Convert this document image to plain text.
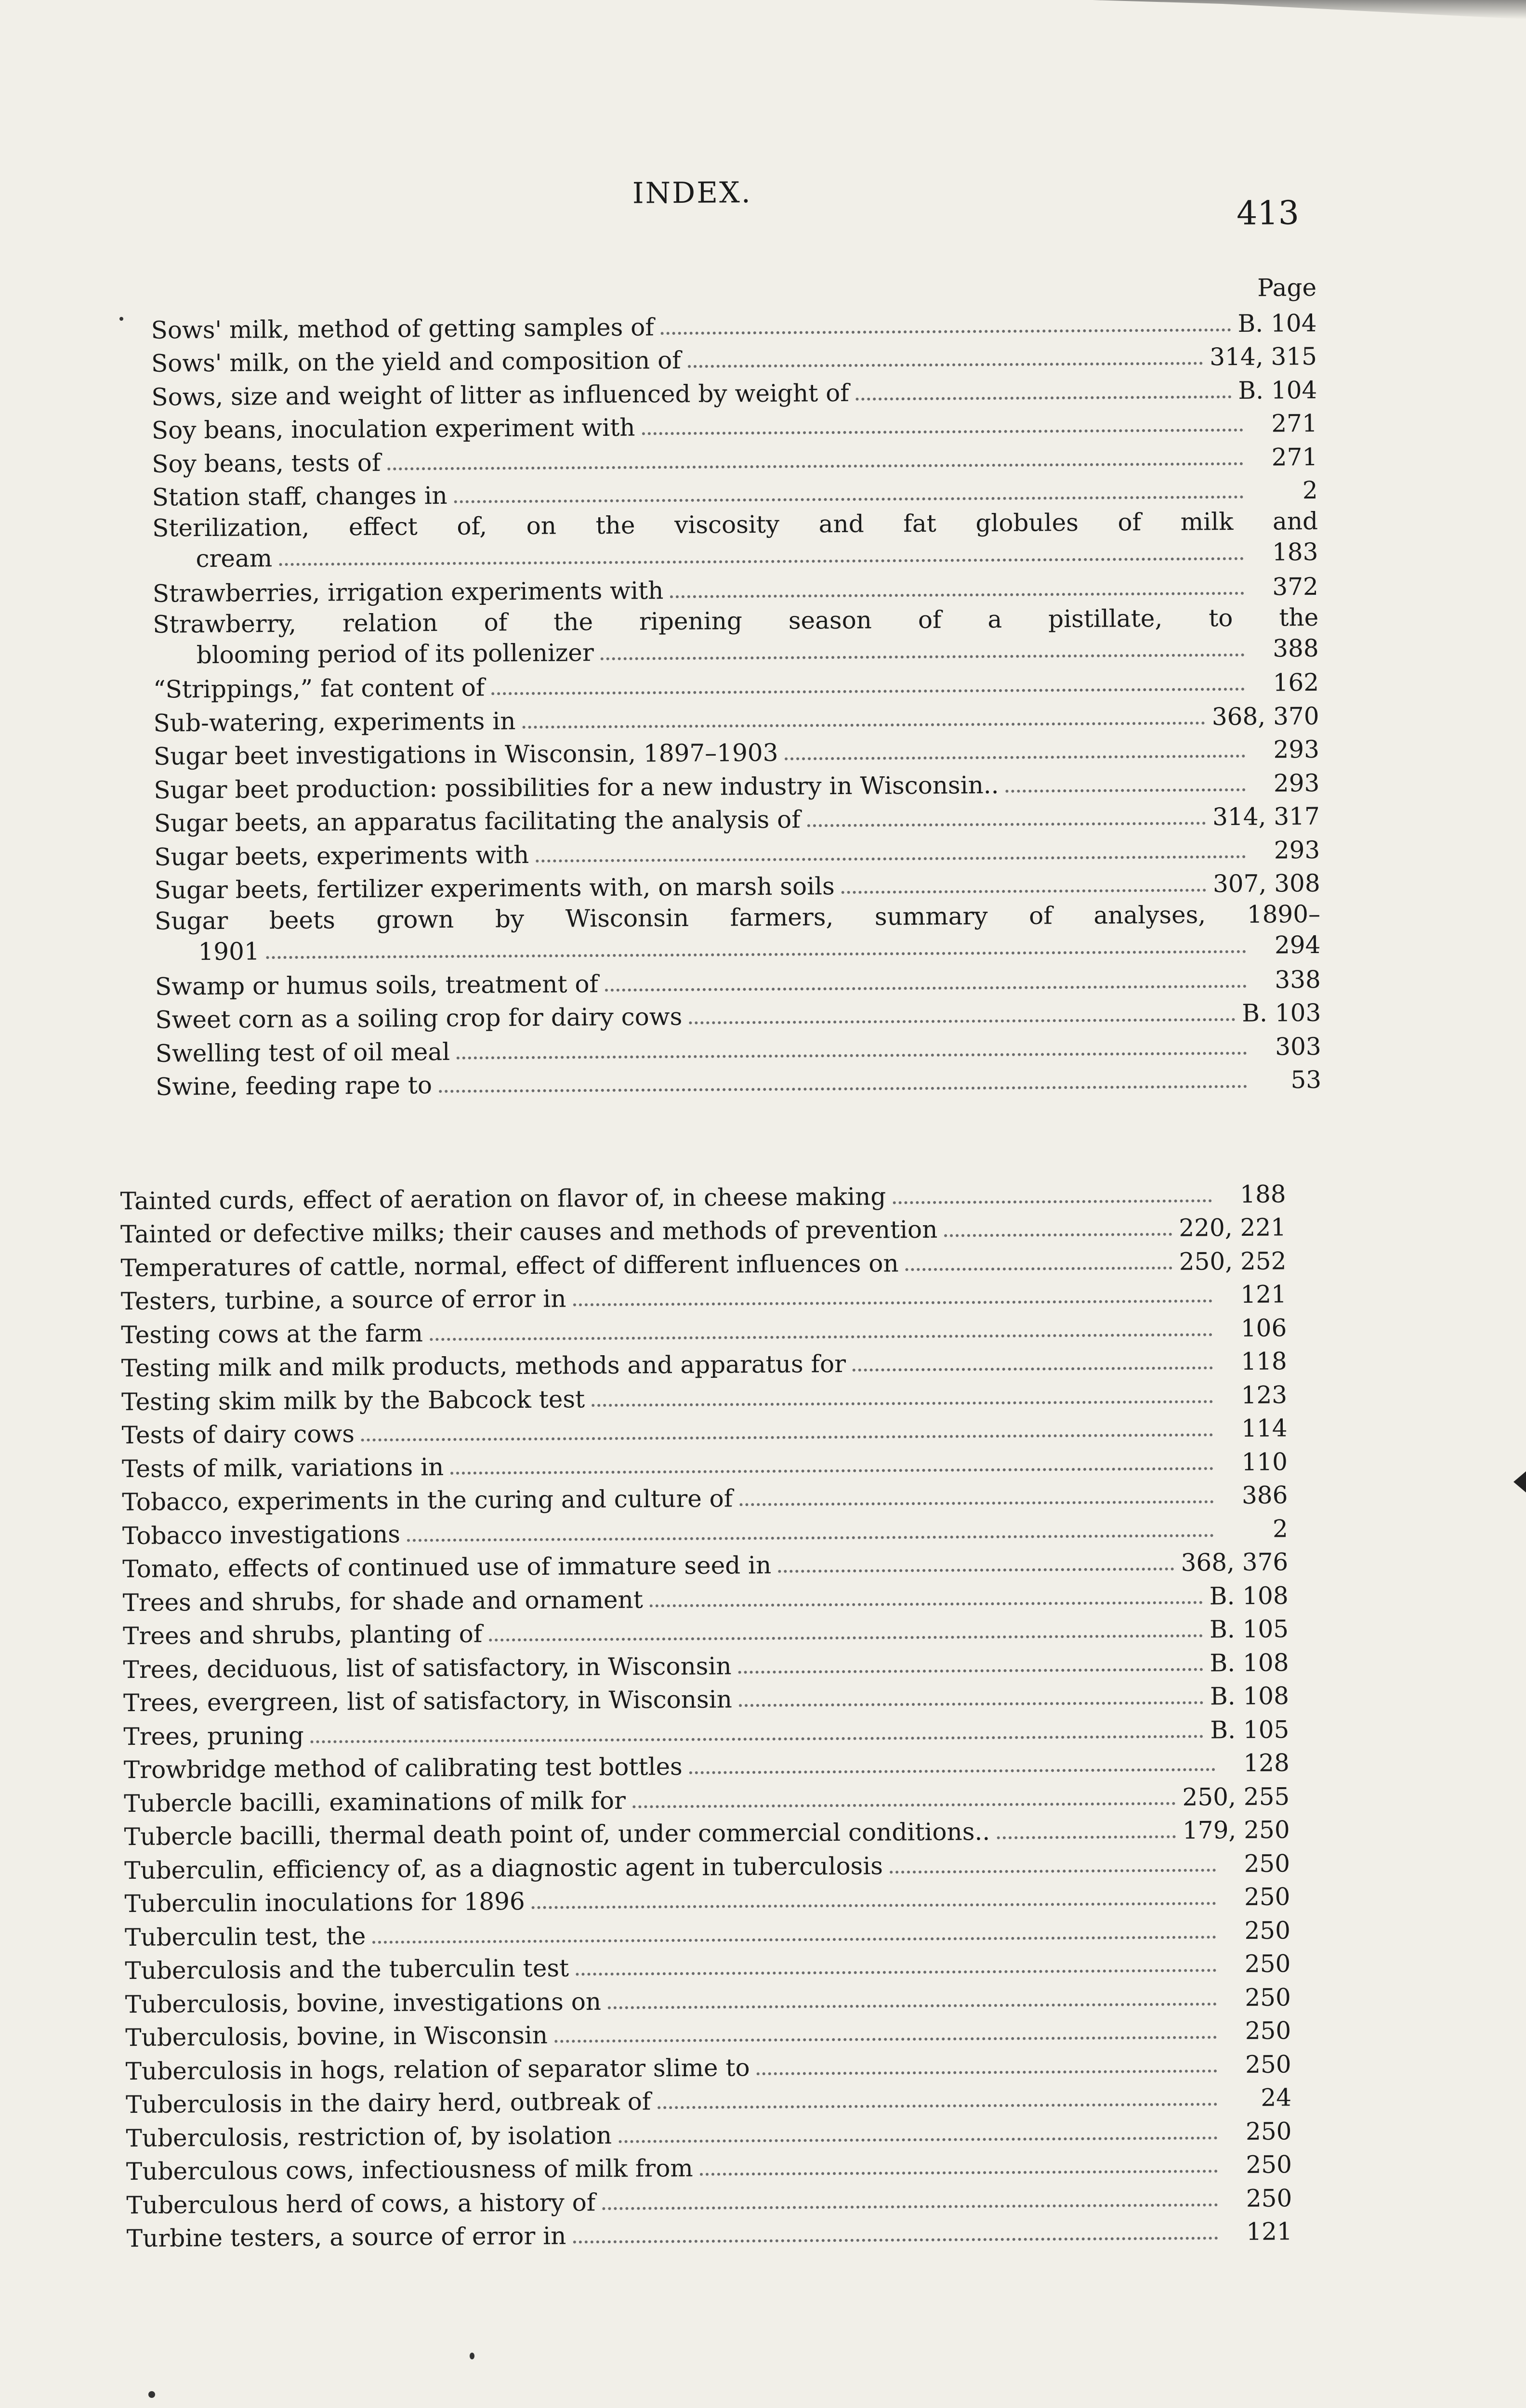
INDEX.
413
Page
Sows' milk, method of getting samples of	B. 104
Sows' milk, on the yield and composition of	314, 315
Sows, size and weight of litter as influenced by weight of	B. 104
Soy beans, inoculation experiment with	271
Soy beans, tests of	271
Station staff, changes in	2
Sterilization, effect of, on the viscosity and fat globules of milk and
cream	183
Strawberries, irrigation experiments with	372
Strawberry, relation of the ripening season of a pistillate, to the
blooming period of its pollenizer	388
“Strippings,” fat content of	162
Sub-watering, experiments in	368, 370
Sugar beet investigations in Wisconsin, 1897–1903	293
Sugar beet production: possibilities for a new industry in Wisconsin..	293
Sugar beets, an apparatus facilitating the analysis of	314, 317
Sugar beets, experiments with	293
Sugar beets, fertilizer experiments with, on marsh soils	307, 308
Sugar beets grown by Wisconsin farmers, summary of analyses, 1890–
1901	294
Swamp or humus soils, treatment of	338
Sweet corn as a soiling crop for dairy cows	B. 103
Swelling test of oil meal	303
Swine, feeding rape to	53
Tainted curds, effect of aeration on flavor of, in cheese making	188
Tainted or defective milks; their causes and methods of prevention	220, 221
Temperatures of cattle, normal, effect of different influences on	250, 252
Testers, turbine, a source of error in	121
Testing cows at the farm	106
Testing milk and milk products, methods and apparatus for	118
Testing skim milk by the Babcock test	123
Tests of dairy cows	114
Tests of milk, variations in	110
Tobacco, experiments in the curing and culture of	386
Tobacco investigations	2
Tomato, effects of continued use of immature seed in	368, 376
Trees and shrubs, for shade and ornament	B. 108
Trees and shrubs, planting of	B. 105
Trees, deciduous, list of satisfactory, in Wisconsin	B. 108
Trees, evergreen, list of satisfactory, in Wisconsin	B. 108
Trees, pruning	B. 105
Trowbridge method of calibrating test bottles	128
Tubercle bacilli, examinations of milk for	250, 255
Tubercle bacilli, thermal death point of, under commercial conditions..	179, 250
Tuberculin, efficiency of, as a diagnostic agent in tuberculosis	250
Tuberculin inoculations for 1896	250
Tuberculin test, the	250
Tuberculosis and the tuberculin test	250
Tuberculosis, bovine, investigations on	250
Tuberculosis, bovine, in Wisconsin	250
Tuberculosis in hogs, relation of separator slime to	250
Tuberculosis in the dairy herd, outbreak of	24
Tuberculosis, restriction of, by isolation	250
Tuberculous cows, infectiousness of milk from	250
Tuberculous herd of cows, a history of	250
Turbine testers, a source of error in	121
